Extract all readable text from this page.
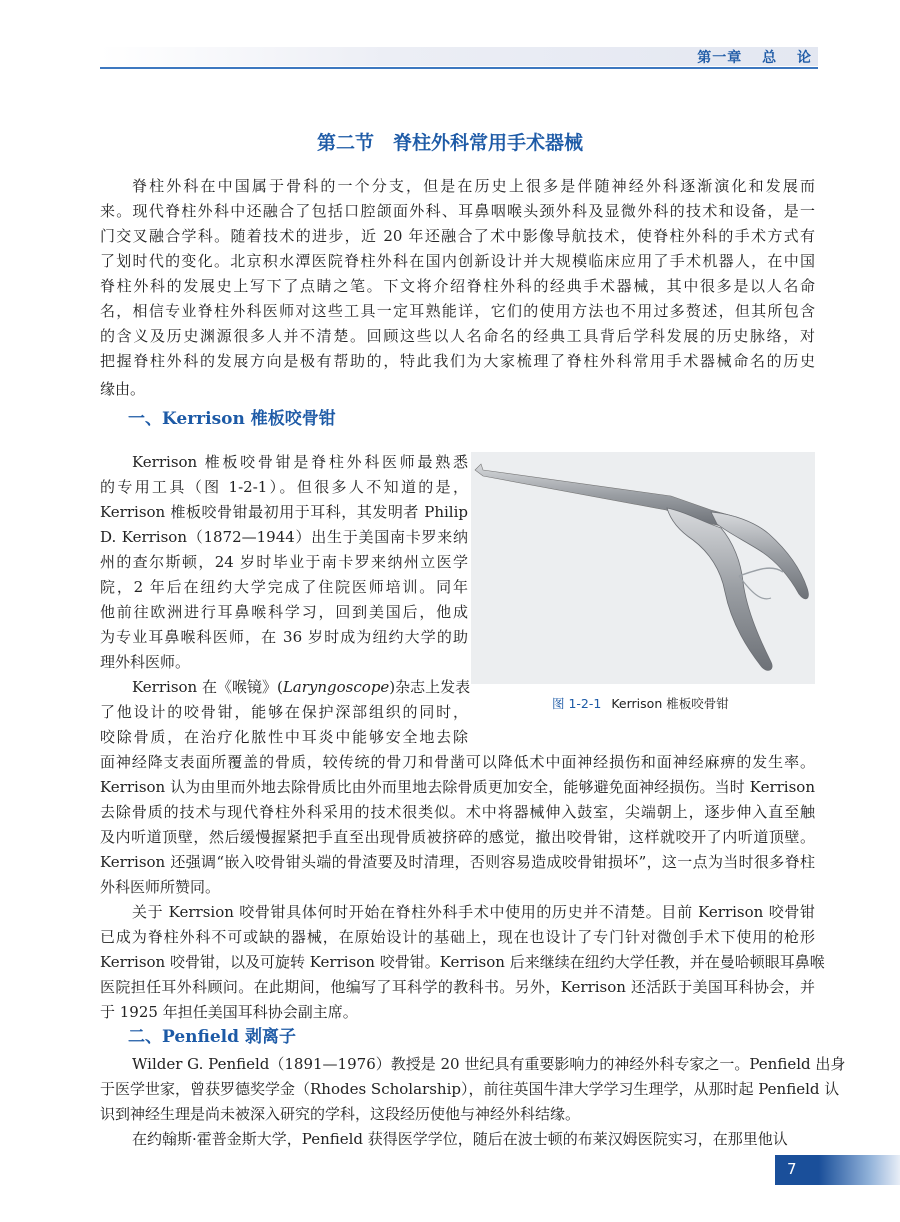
第一章 总 论
第二节　脊柱外科常用手术器械
一、Kerrison 椎板咬骨钳
二、Penfield 剥离子
脊柱外科在中国属于骨科的一个分支，但是在历史上很多是伴随神经外科逐渐演化和发展而
来。现代脊柱外科中还融合了包括口腔颌面外科、耳鼻咽喉头颈外科及显微外科的技术和设备，是一
门交叉融合学科。随着技术的进步，近 20 年还融合了术中影像导航技术，使脊柱外科的手术方式有
了划时代的变化。北京积水潭医院脊柱外科在国内创新设计并大规模临床应用了手术机器人，在中国
脊柱外科的发展史上写下了点睛之笔。下文将介绍脊柱外科的经典手术器械，其中很多是以人名命
名，相信专业脊柱外科医师对这些工具一定耳熟能详，它们的使用方法也不用过多赘述，但其所包含
的含义及历史渊源很多人并不清楚。回顾这些以人名命名的经典工具背后学科发展的历史脉络，对
把握脊柱外科的发展方向是极有帮助的，特此我们为大家梳理了脊柱外科常用手术器械命名的历史
缘由。
Kerrison 椎板咬骨钳是脊柱外科医师最熟悉
的专用工具（图 1-2-1）。但很多人不知道的是，
Kerrison 椎板咬骨钳最初用于耳科，其发明者 Philip
D. Kerrison（1872—1944）出生于美国南卡罗来纳
州的查尔斯顿，24 岁时毕业于南卡罗来纳州立医学
院，2 年后在纽约大学完成了住院医师培训。同年
他前往欧洲进行耳鼻喉科学习，回到美国后，他成
为专业耳鼻喉科医师，在 36 岁时成为纽约大学的助
理外科医师。
Kerrison 在《喉镜》(Laryngoscope)杂志上发表
了他设计的咬骨钳，能够在保护深部组织的同时，
咬除骨质，在治疗化脓性中耳炎中能够安全地去除
面神经降支表面所覆盖的骨质，较传统的骨刀和骨凿可以降低术中面神经损伤和面神经麻痹的发生率。
Kerrison 认为由里而外地去除骨质比由外而里地去除骨质更加安全，能够避免面神经损伤。当时 Kerrison
去除骨质的技术与现代脊柱外科采用的技术很类似。术中将器械伸入鼓室，尖端朝上，逐步伸入直至触
及内听道顶壁，然后缓慢握紧把手直至出现骨质被挤碎的感觉，撤出咬骨钳，这样就咬开了内听道顶壁。
Kerrison 还强调“嵌入咬骨钳头端的骨渣要及时清理，否则容易造成咬骨钳损坏”，这一点为当时很多脊柱
外科医师所赞同。
关于 Kerrsion 咬骨钳具体何时开始在脊柱外科手术中使用的历史并不清楚。目前 Kerrison 咬骨钳
已成为脊柱外科不可或缺的器械，在原始设计的基础上，现在也设计了专门针对微创手术下使用的枪形
Kerrison 咬骨钳，以及可旋转 Kerrison 咬骨钳。Kerrison 后来继续在纽约大学任教，并在曼哈顿眼耳鼻喉
医院担任耳外科顾问。在此期间，他编写了耳科学的教科书。另外，Kerrison 还活跃于美国耳科协会，并
于 1925 年担任美国耳科协会副主席。
Wilder G. Penfield（1891—1976）教授是 20 世纪具有重要影响力的神经外科专家之一。Penfield 出身
于医学世家，曾获罗德奖学金（Rhodes Scholarship），前往英国牛津大学学习生理学，从那时起 Penfield 认
识到神经生理是尚未被深入研究的学科，这段经历使他与神经外科结缘。
在约翰斯·霍普金斯大学，Penfield 获得医学学位，随后在波士顿的布莱汉姆医院实习，在那里他认
图 1-2-1 Kerrison 椎板咬骨钳
7
